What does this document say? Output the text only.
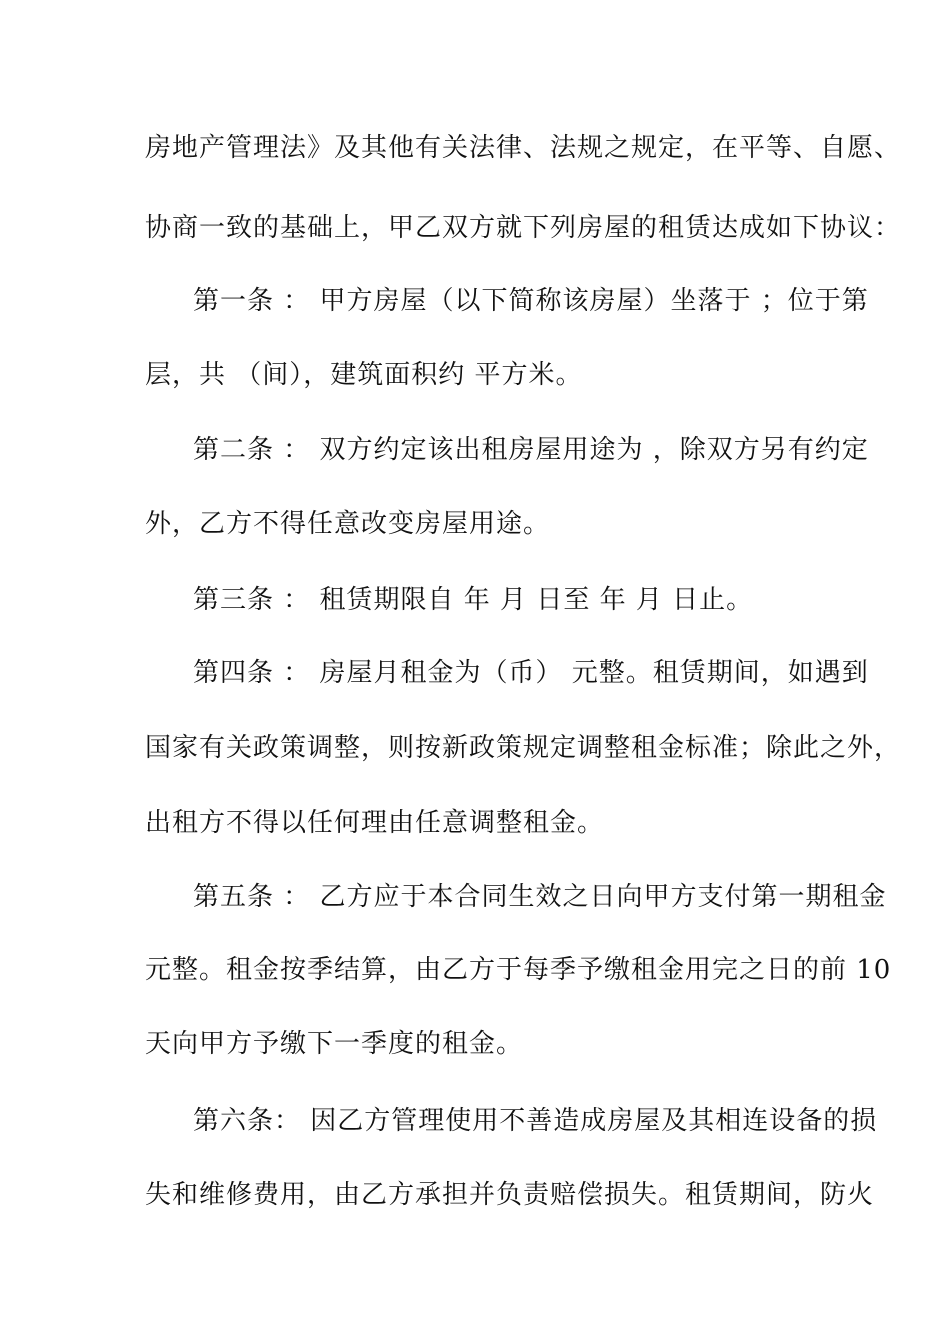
房地产管理法》及其他有关法律、法规之规定，在平等、自愿、
协商一致的基础上，甲乙双方就下列房屋的租赁达成如下协议：
第一条 ： 甲方房屋（以下简称该房屋）坐落于 ；位于第
层，共 （间），建筑面积约 平方米。
第二条 ： 双方约定该出租房屋用途为 ，除双方另有约定
外，乙方不得任意改变房屋用途。
第三条 ： 租赁期限自 年 月 日至 年 月 日止。
第四条 ： 房屋月租金为（币） 元整。租赁期间，如遇到
国家有关政策调整，则按新政策规定调整租金标准；除此之外，
出租方不得以任何理由任意调整租金。
第五条 ： 乙方应于本合同生效之日向甲方支付第一期租金
元整。租金按季结算，由乙方于每季予缴租金用完之日的前 10
天向甲方予缴下一季度的租金。
第六条： 因乙方管理使用不善造成房屋及其相连设备的损
失和维修费用，由乙方承担并负责赔偿损失。租赁期间，防火
